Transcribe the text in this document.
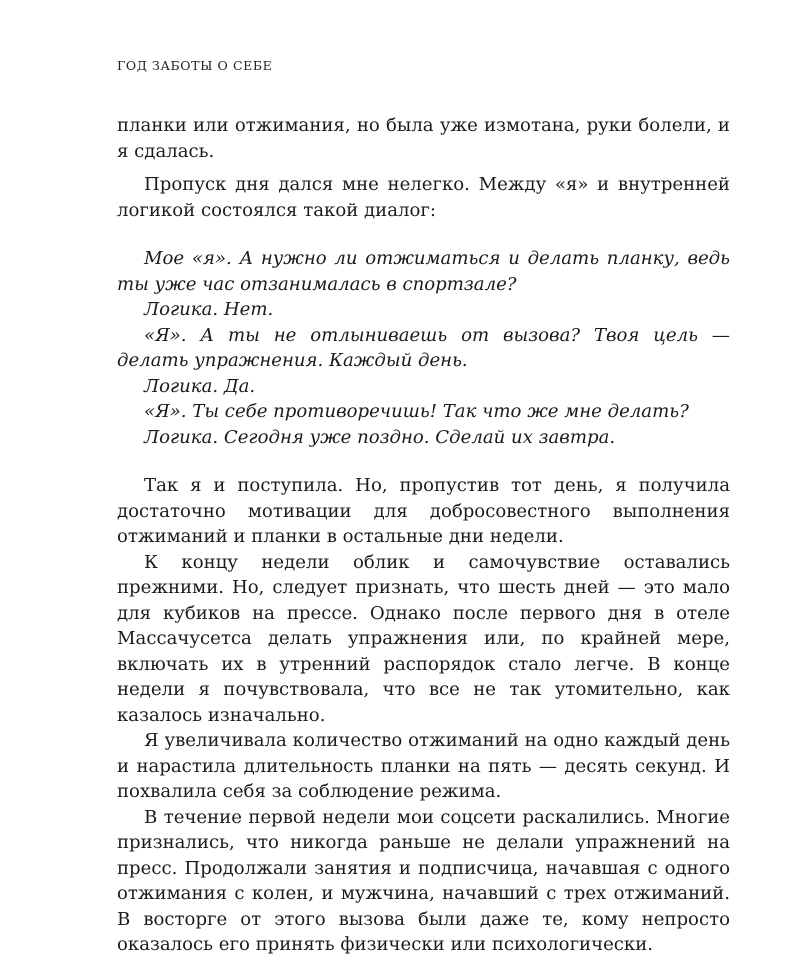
ГОД ЗАБОТЫ О СЕБЕ

планки или отжимания, но была уже измотана, руки болели, и я сдалась.

Пропуск дня дался мне нелегко. Между «я» и внутренней логикой состоялся такой диалог:

Мое «я». А нужно ли отжиматься и делать планку, ведь ты уже час отзанималась в спортзале?

Логика. Нет.

«Я». А ты не отлыниваешь от вызова? Твоя цель — делать упражнения. Каждый день.

Логика. Да.

«Я». Ты себе противоречишь! Так что же мне делать?

Логика. Сегодня уже поздно. Сделай их завтра.

Так я и поступила. Но, пропустив тот день, я получила достаточно мотивации для добросовестного выполнения отжиманий и планки в остальные дни недели.

К концу недели облик и самочувствие оставались прежними. Но, следует признать, что шесть дней — это мало для кубиков на прессе. Однако после первого дня в отеле Массачусетса делать упражнения или, по крайней мере, включать их в утренний распорядок стало легче. В конце недели я почувствовала, что все не так утомительно, как казалось изначально.

Я увеличивала количество отжиманий на одно каждый день и нарастила длительность планки на пять — десять секунд. И похвалила себя за соблюдение режима.

В течение первой недели мои соцсети раскалились. Многие признались, что никогда раньше не делали упражнений на пресс. Продолжали занятия и подписчица, начавшая с одного отжимания с колен, и мужчина, начавший с трех отжиманий. В восторге от этого вызова были даже те, кому непросто оказалось его принять физически или психологически.
